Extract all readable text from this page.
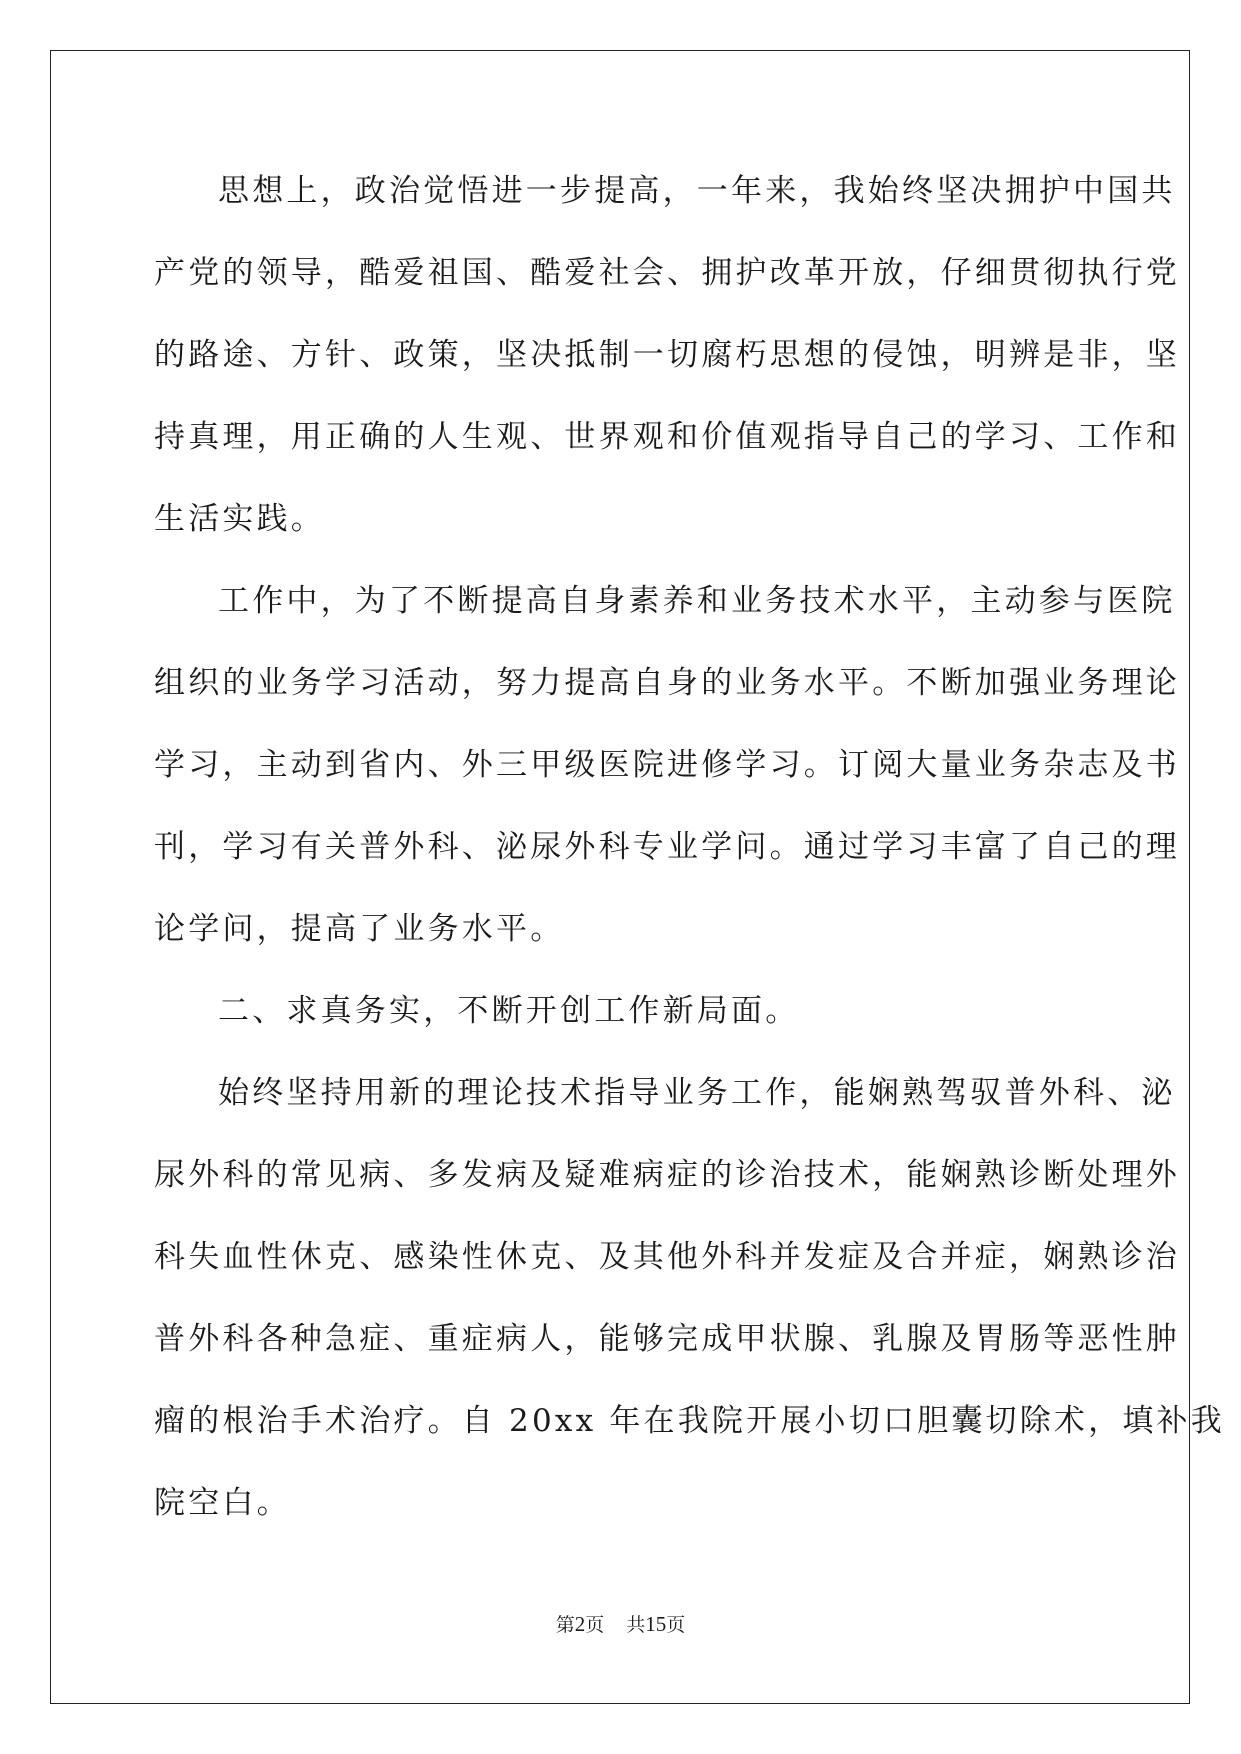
思想上，政治觉悟进一步提高，一年来，我始终坚决拥护中国共
产党的领导，酷爱祖国、酷爱社会、拥护改革开放，仔细贯彻执行党
的路途、方针、政策，坚决抵制一切腐朽思想的侵蚀，明辨是非，坚
持真理，用正确的人生观、世界观和价值观指导自己的学习、工作和
生活实践。
工作中，为了不断提高自身素养和业务技术水平，主动参与医院
组织的业务学习活动，努力提高自身的业务水平。不断加强业务理论
学习，主动到省内、外三甲级医院进修学习。订阅大量业务杂志及书
刊，学习有关普外科、泌尿外科专业学问。通过学习丰富了自己的理
论学问，提高了业务水平。
二、求真务实，不断开创工作新局面。
始终坚持用新的理论技术指导业务工作，能娴熟驾驭普外科、泌
尿外科的常见病、多发病及疑难病症的诊治技术，能娴熟诊断处理外
科失血性休克、感染性休克、及其他外科并发症及合并症，娴熟诊治
普外科各种急症、重症病人，能够完成甲状腺、乳腺及胃肠等恶性肿
瘤的根治手术治疗。自 20xx 年在我院开展小切口胆囊切除术，填补我
院空白。
第2页 共15页
